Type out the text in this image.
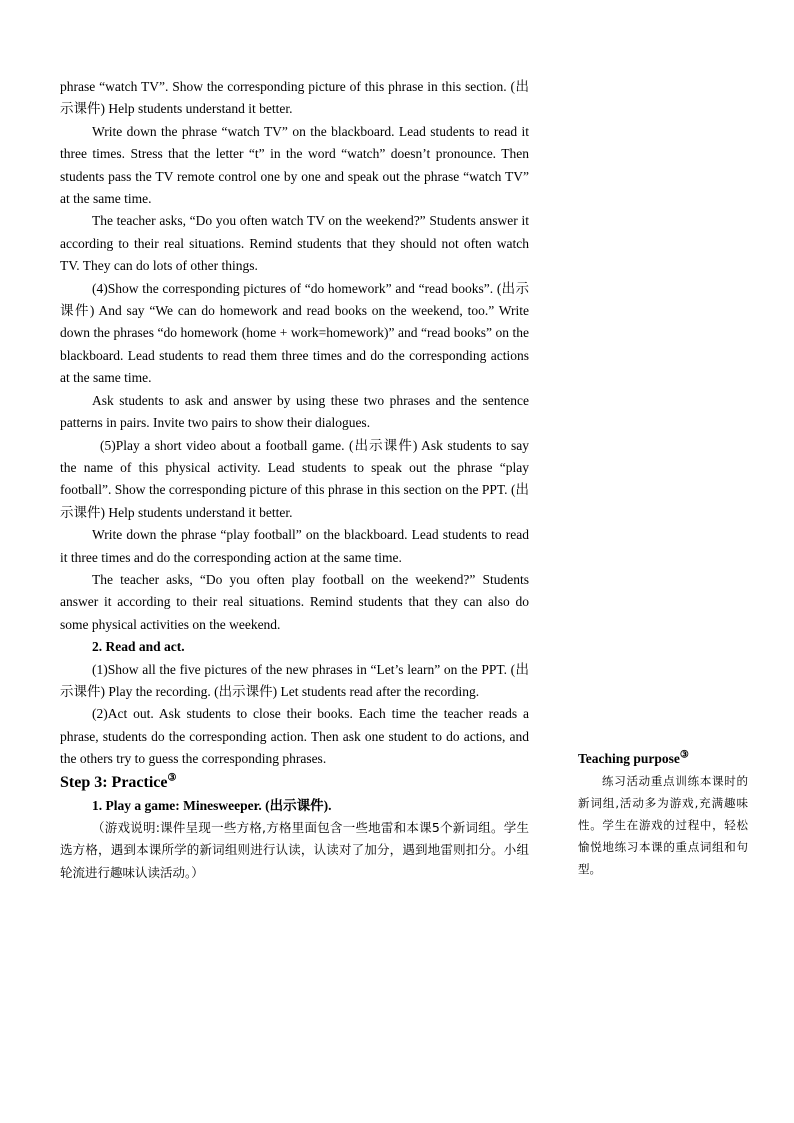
phrase “watch TV”. Show the corresponding picture of this phrase in this section. (出示课件) Help students understand it better.

Write down the phrase “watch TV” on the blackboard. Lead students to read it three times. Stress that the letter “t” in the word “watch” doesn’t pronounce. Then students pass the TV remote control one by one and speak out the phrase “watch TV” at the same time.

The teacher asks, “Do you often watch TV on the weekend?” Students answer it according to their real situations. Remind students that they should not often watch TV. They can do lots of other things.

(4)Show the corresponding pictures of “do homework” and “read books”. (出示课件) And say “We can do homework and read books on the weekend, too.” Write down the phrases “do homework (home + work=homework)” and “read books” on the blackboard. Lead students to read them three times and do the corresponding actions at the same time.

Ask students to ask and answer by using these two phrases and the sentence patterns in pairs. Invite two pairs to show their dialogues.

(5)Play a short video about a football game. (出示课件) Ask students to say the name of this physical activity. Lead students to speak out the phrase “play football”. Show the corresponding picture of this phrase in this section on the PPT. (出示课件) Help students understand it better.

Write down the phrase “play football” on the blackboard. Lead students to read it three times and do the corresponding action at the same time.

The teacher asks, “Do you often play football on the weekend?” Students answer it according to their real situations. Remind students that they can also do some physical activities on the weekend.

2. Read and act.

(1)Show all the five pictures of the new phrases in “Let’s learn” on the PPT. (出示课件) Play the recording. (出示课件) Let students read after the recording.

(2)Act out. Ask students to close their books. Each time the teacher reads a phrase, students do the corresponding action. Then ask one student to do actions, and the others try to guess the corresponding phrases.

Step 3: Practice③

1. Play a game: Minesweeper. (出示课件).

（游戏说明:课件呈现一些方格,方格里面包含一些地雷和本课5个新词组。学生选方格，遇到本课所学的新词组则进行认读，认读对了加分，遇到地雷则扣分。小组轮流进行趣味认读活动。）

Teaching purpose③

练习活动重点训练本课时的新词组,活动多为游戏,充满趣味性。学生在游戏的过程中，轻松愉悦地练习本课的重点词组和句型。
